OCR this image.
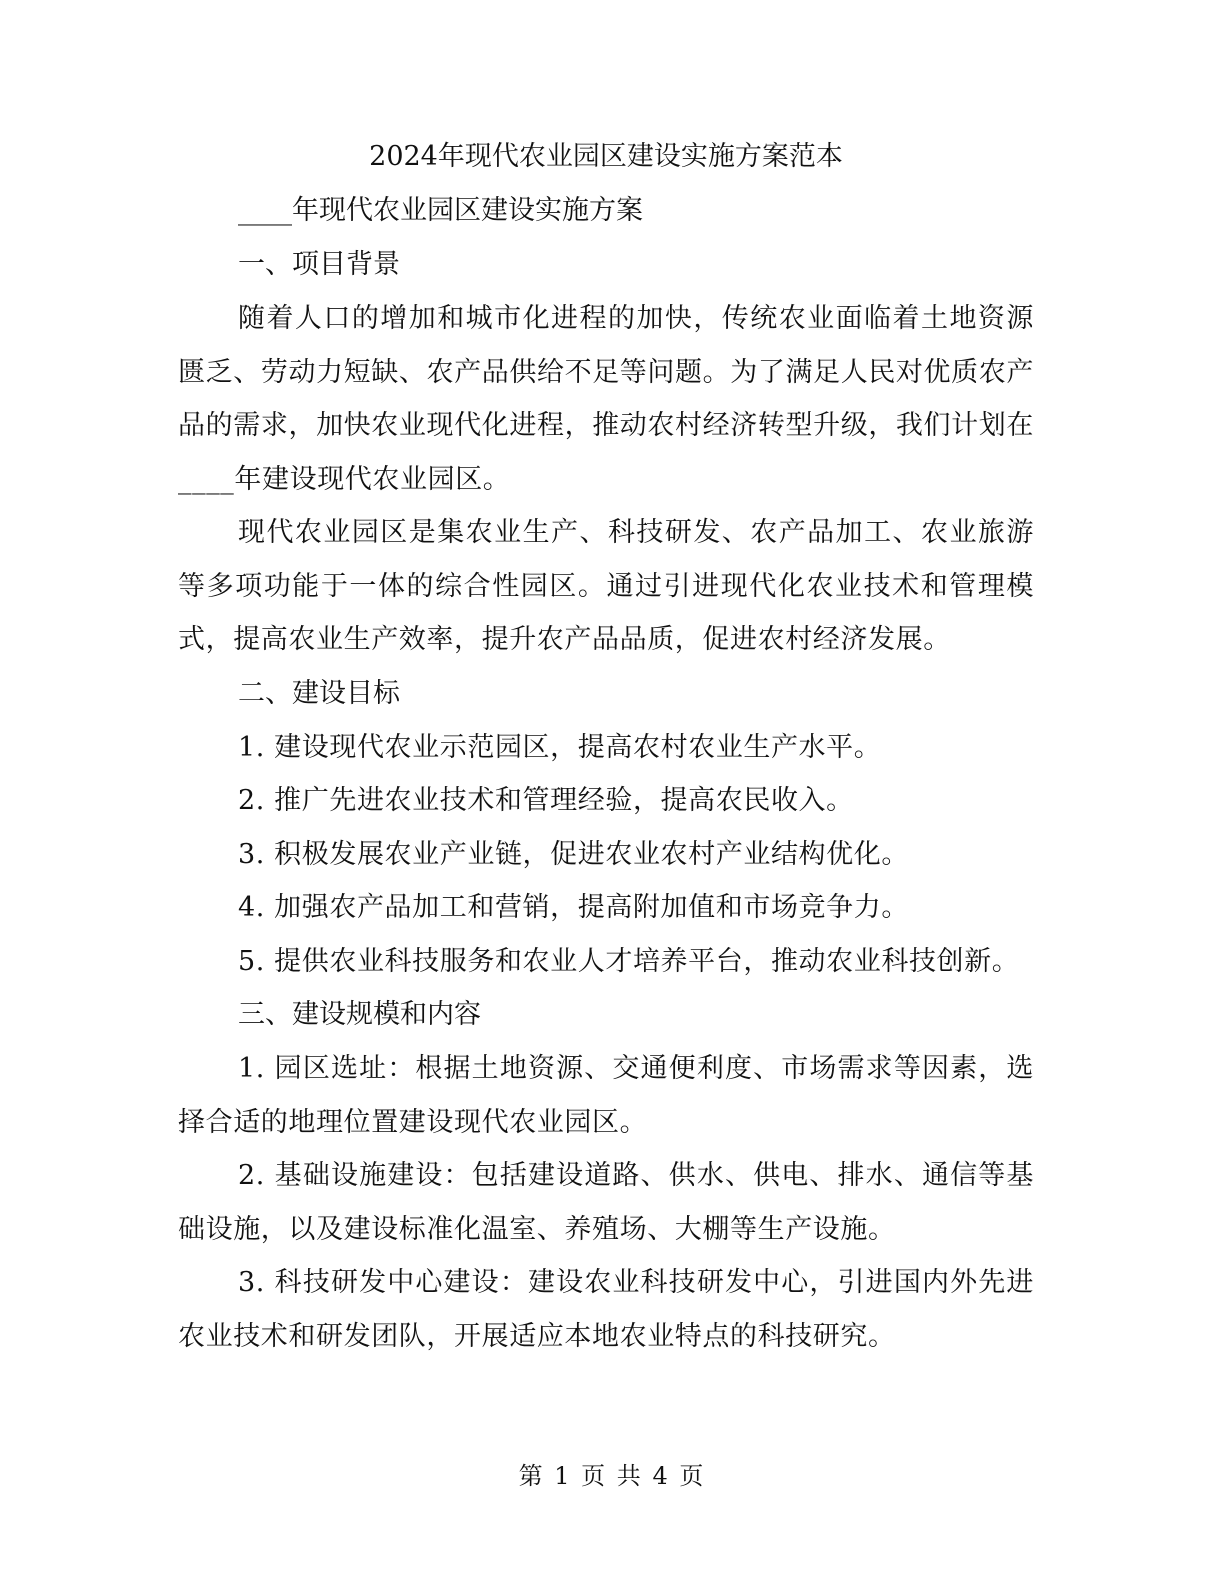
2024年现代农业园区建设实施方案范本

____年现代农业园区建设实施方案

一、项目背景

随着人口的增加和城市化进程的加快，传统农业面临着土地资源匮乏、劳动力短缺、农产品供给不足等问题。为了满足人民对优质农产品的需求，加快农业现代化进程，推动农村经济转型升级，我们计划在____年建设现代农业园区。

现代农业园区是集农业生产、科技研发、农产品加工、农业旅游等多项功能于一体的综合性园区。通过引进现代化农业技术和管理模式，提高农业生产效率，提升农产品品质，促进农村经济发展。

二、建设目标

1. 建设现代农业示范园区，提高农村农业生产水平。

2. 推广先进农业技术和管理经验，提高农民收入。

3. 积极发展农业产业链，促进农业农村产业结构优化。

4. 加强农产品加工和营销，提高附加值和市场竞争力。

5. 提供农业科技服务和农业人才培养平台，推动农业科技创新。

三、建设规模和内容

1. 园区选址：根据土地资源、交通便利度、市场需求等因素，选择合适的地理位置建设现代农业园区。

2. 基础设施建设：包括建设道路、供水、供电、排水、通信等基础设施，以及建设标准化温室、养殖场、大棚等生产设施。

3. 科技研发中心建设：建设农业科技研发中心，引进国内外先进农业技术和研发团队，开展适应本地农业特点的科技研究。

第 1 页 共 4 页
